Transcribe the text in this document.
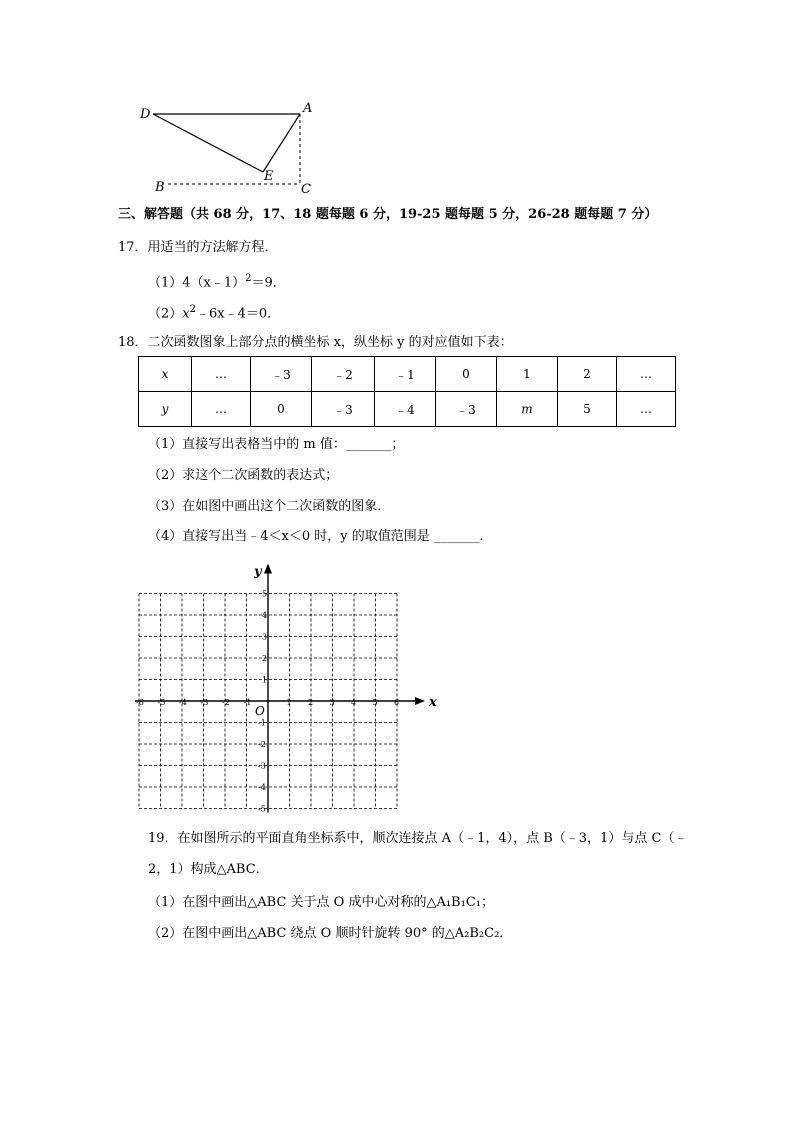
D	A
B
E
C
三、解答题（共 68 分，17、18 题每题 6 分，19-25 题每题 5 分，26-28 题每题 7 分）
17．用适当的方法解方程．
（1）4（x﹣1）$^2$＝9．
$(2)x^2﹣6x﹣4=0$．
18．二次函数图象上部分点的横坐标 x，纵坐标 y 的对应值如下表：
x	…	﹣3	﹣2	﹣1	0	1	2	…
y	…	0	﹣3	﹣4	﹣3	m	5	…
（1）直接写出表格当中的 m 值：_______；
（2）求这个二次函数的表达式；
（3）在如图中画出这个二次函数的图象．
（4）直接写出当﹣4＜x＜0 时，y 的取值范围是 _______．
x
y
O
-6 -5 -4 -3 -2 -1	1 2 3 4 5 6
5
4
3
2
1
-1
-2
-3
-4
-5
19．在如图所示的平面直角坐标系中，顺次连接点 A（﹣1，4），点 B（﹣3，1）与点 C（﹣
2，1）构成△ABC．
（1）在图中画出△ABC 关于点 O 成中心对称的△A₁B₁C₁；
（2）在图中画出△ABC 绕点 O 顺时针旋转 90° 的△A₂B₂C₂．
